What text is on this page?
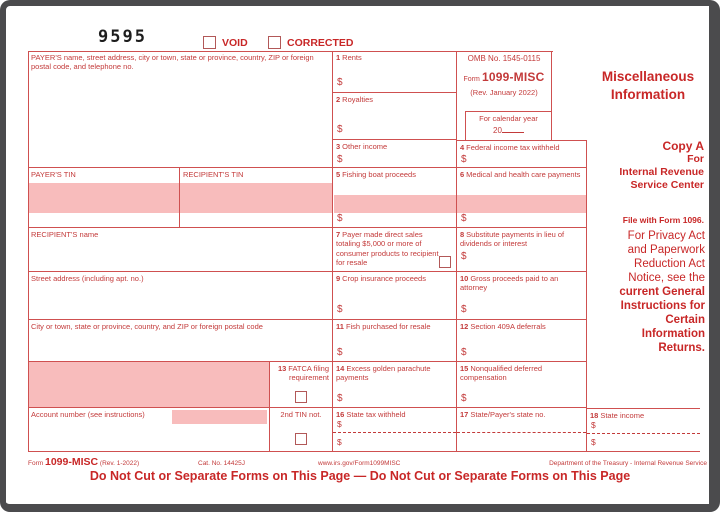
9595	VOID	CORRECTED
PAYER'S name, street address, city or town, state or province, country, ZIP or foreign postal code, and telephone no.
PAYER'S TIN	RECIPIENT'S TIN
RECIPIENT'S name
Street address (including apt. no.)
City or town, state or province, country, and ZIP or foreign postal code
13 FATCA filing requirement
Account number (see instructions)	2nd TIN not.
1 Rents
$
2 Royalties
$
OMB No. 1545-0115
Form 1099-MISC
(Rev. January 2022)
For calendar year
20
3 Other income
$
4 Federal income tax withheld
$
5 Fishing boat proceeds
$
6 Medical and health care payments
$
7 Payer made direct sales totaling $5,000 or more of consumer products to recipient for resale
8 Substitute payments in lieu of dividends or interest
$
9 Crop insurance proceeds
$
10 Gross proceeds paid to an attorney
$
11 Fish purchased for resale
$
12 Section 409A deferrals
$
14 Excess golden parachute payments
$
15 Nonqualified deferred compensation
$
16 State tax withheld
$
$
17 State/Payer's state no.	18 State income
$
$
Miscellaneous
Information
Copy A
For
Internal Revenue
Service Center
File with Form 1096.
For Privacy Act
and Paperwork
Reduction Act
Notice, see the
current General
Instructions for
Certain
Information
Returns.
Form 1099-MISC (Rev. 1-2022)	Cat. No. 14425J	www.irs.gov/Form1099MISC	Department of the Treasury - Internal Revenue Service
Do Not Cut or Separate Forms on This Page — Do Not Cut or Separate Forms on This Page
